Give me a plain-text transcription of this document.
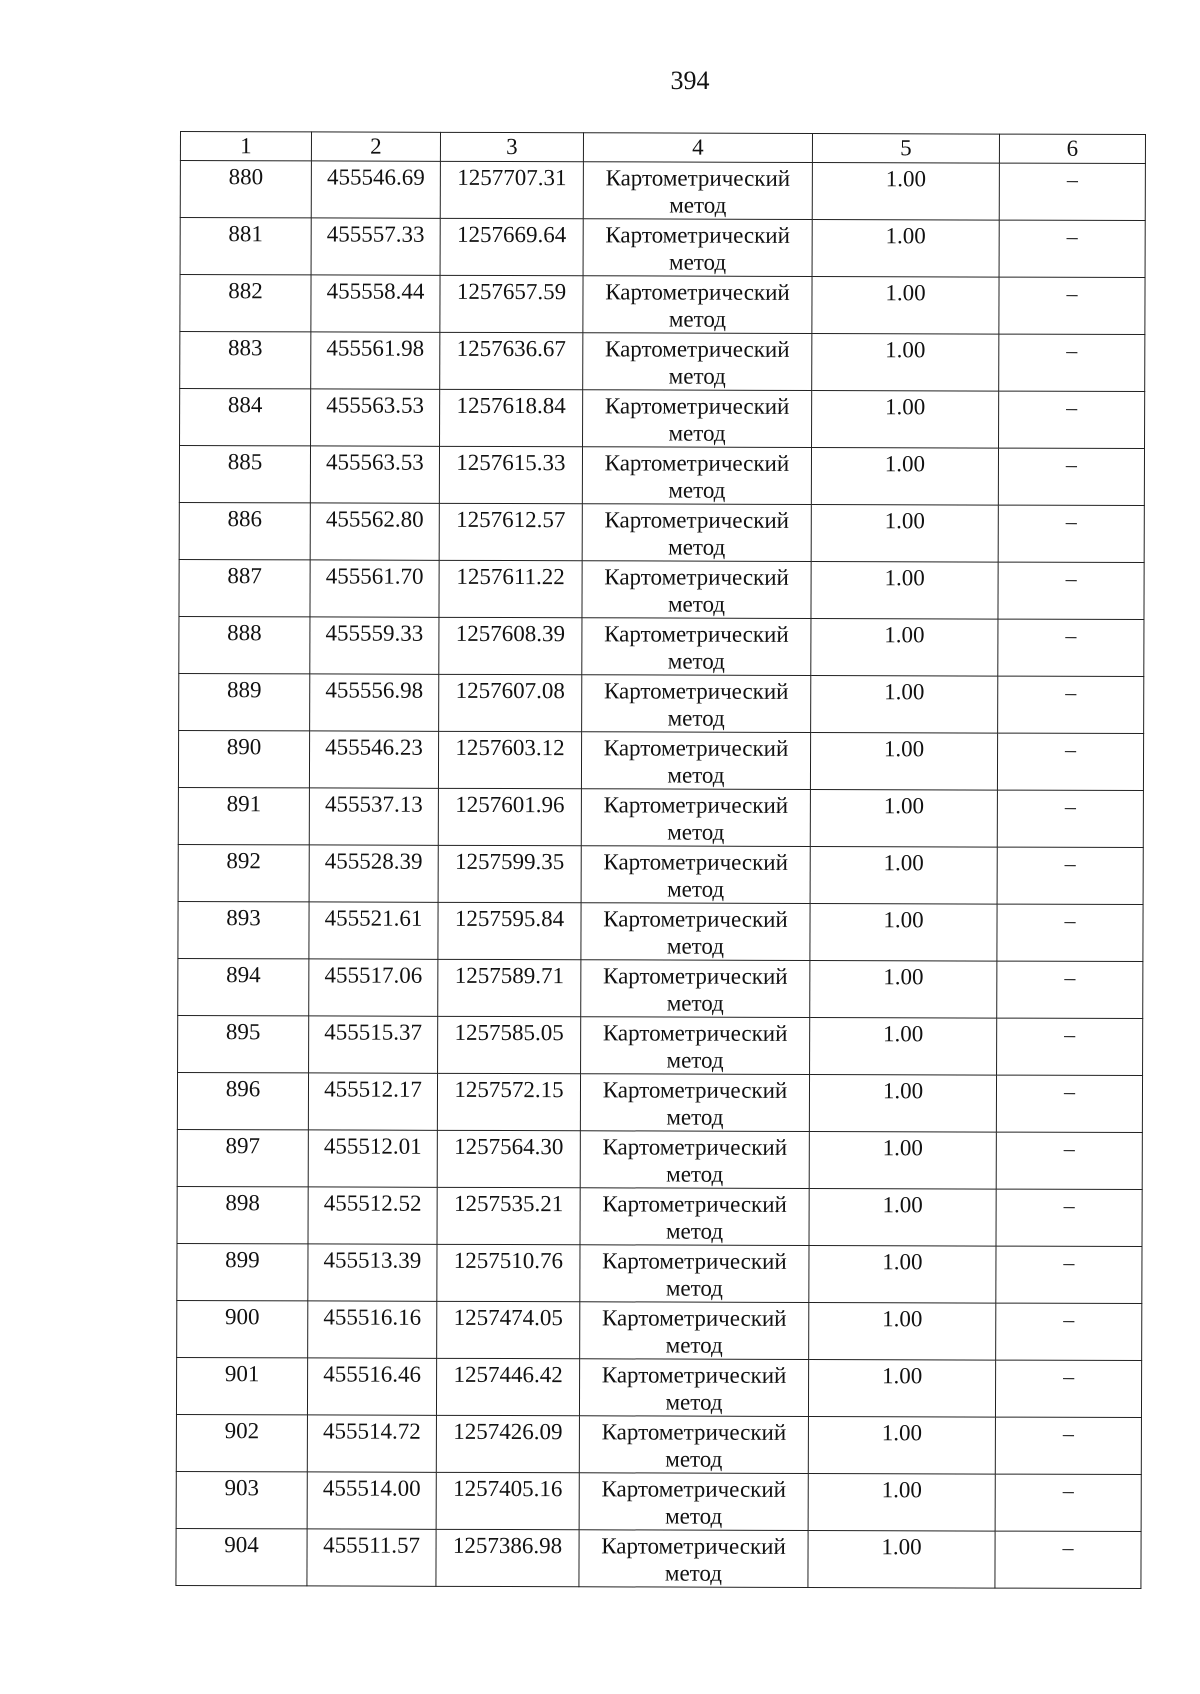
394
1	2	3	4	5	6
880	455546.69	1257707.31	Картометрический метод	1.00	–
881	455557.33	1257669.64	Картометрический метод	1.00	–
882	455558.44	1257657.59	Картометрический метод	1.00	–
883	455561.98	1257636.67	Картометрический метод	1.00	–
884	455563.53	1257618.84	Картометрический метод	1.00	–
885	455563.53	1257615.33	Картометрический метод	1.00	–
886	455562.80	1257612.57	Картометрический метод	1.00	–
887	455561.70	1257611.22	Картометрический метод	1.00	–
888	455559.33	1257608.39	Картометрический метод	1.00	–
889	455556.98	1257607.08	Картометрический метод	1.00	–
890	455546.23	1257603.12	Картометрический метод	1.00	–
891	455537.13	1257601.96	Картометрический метод	1.00	–
892	455528.39	1257599.35	Картометрический метод	1.00	–
893	455521.61	1257595.84	Картометрический метод	1.00	–
894	455517.06	1257589.71	Картометрический метод	1.00	–
895	455515.37	1257585.05	Картометрический метод	1.00	–
896	455512.17	1257572.15	Картометрический метод	1.00	–
897	455512.01	1257564.30	Картометрический метод	1.00	–
898	455512.52	1257535.21	Картометрический метод	1.00	–
899	455513.39	1257510.76	Картометрический метод	1.00	–
900	455516.16	1257474.05	Картометрический метод	1.00	–
901	455516.46	1257446.42	Картометрический метод	1.00	–
902	455514.72	1257426.09	Картометрический метод	1.00	–
903	455514.00	1257405.16	Картометрический метод	1.00	–
904	455511.57	1257386.98	Картометрический метод	1.00	–
